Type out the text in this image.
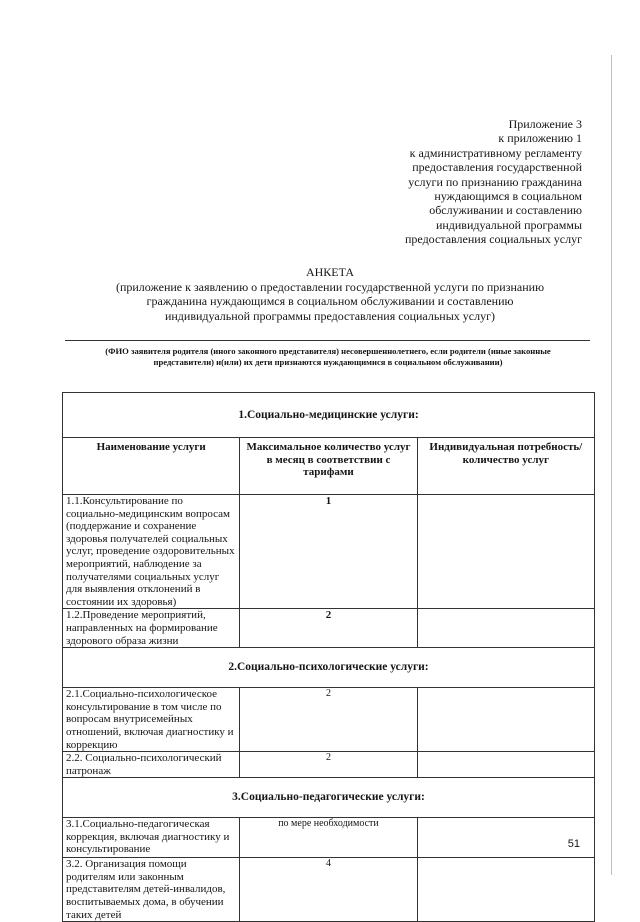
Приложение 3
к приложению 1
к административному регламенту
предоставления государственной
услуги по признанию гражданина
нуждающимся в социальном
обслуживании и составлению
индивидуальной программы
предоставления социальных услуг
АНКЕТА
(приложение к заявлению о предоставлении государственной услуги по признанию
гражданина нуждающимся в социальном обслуживании и составлению
индивидуальной программы предоставления социальных услуг)
(ФИО заявителя родителя (иного законного представителя) несовершеннолетнего, если родители (иные законные
представители) и(или) их дети признаются нуждающимися в социальном обслуживании)
1.Социально-медицинские услуги:		
Наименование услуги	Максимальное количество услуг в месяц в соответствии с тарифами	Индивидуальная потребность/ количество услуг
1.1.Консультирование по социально-медицинским вопросам (поддержание и сохранение здоровья получателей социальных услуг, проведение оздоровительных мероприятий, наблюдение за получателями социальных услуг для выявления отклонений в состоянии их здоровья)	1	
1.2.Проведение мероприятий, направленных на формирование здорового образа жизни	2	
2.Социально-психологические услуги:		
2.1.Социально-психологическое консультирование в том числе по вопросам внутрисемейных отношений, включая диагностику и коррекцию	2	
2.2. Социально-психологический патронаж	2	
3.Социально-педагогические услуги:		
3.1.Социально-педагогическая коррекция, включая диагностику и консультирование	по мере необходимости	
3.2. Организация помощи родителям или законным представителям детей-инвалидов, воспитываемых дома, в обучении таких детей	4	
51
